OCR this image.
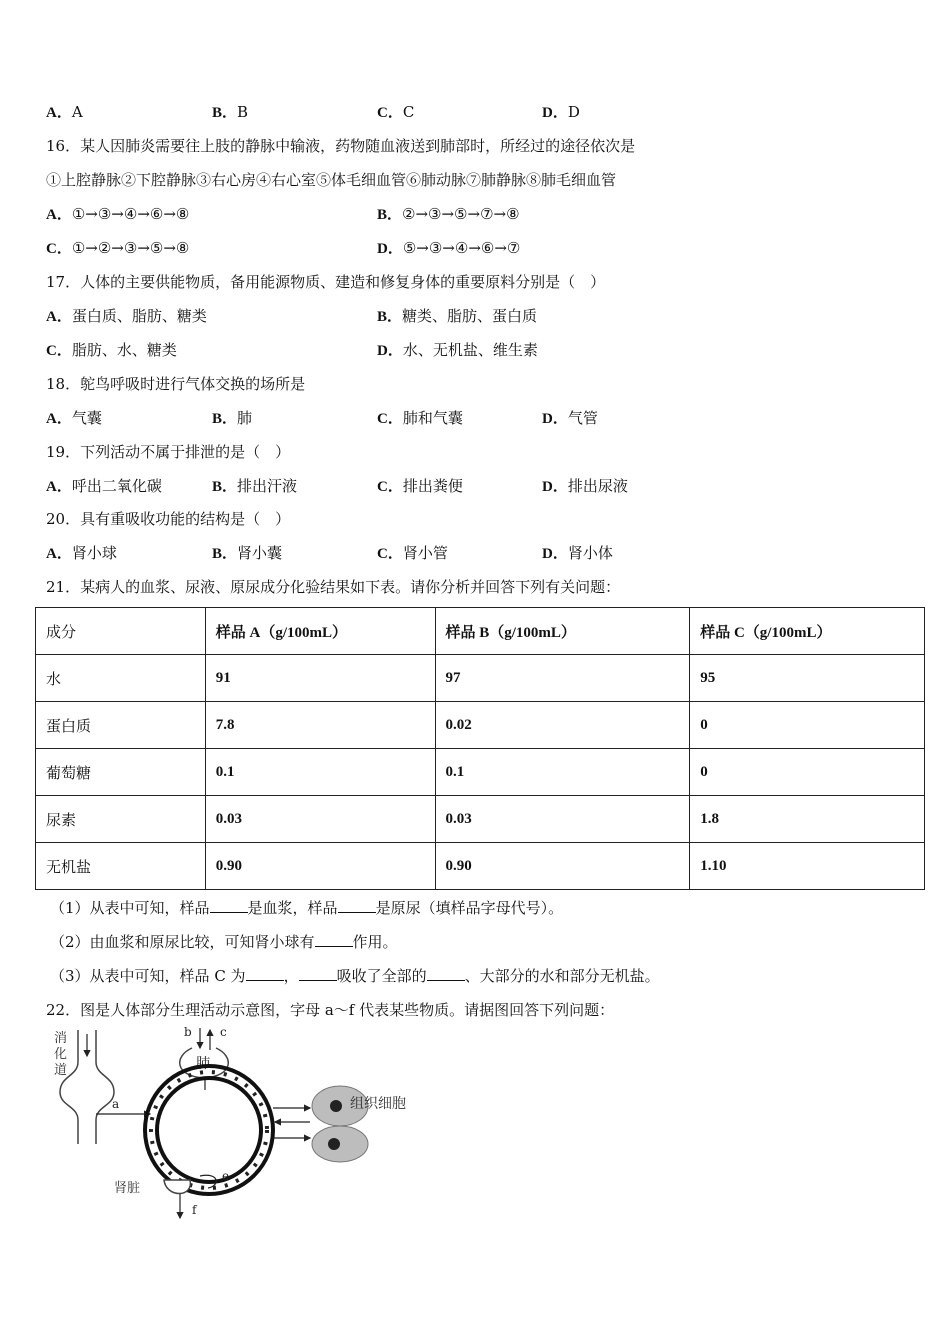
A．A	B．B	C．C	D．D
16．某人因肺炎需要往上肢的静脉中输液，药物随血液送到肺部时，所经过的途径依次是
①上腔静脉②下腔静脉③右心房④右心室⑤体毛细血管⑥肺动脉⑦肺静脉⑧肺毛细血管
A．①→③→④→⑥→⑧	B．②→③→⑤→⑦→⑧
C．①→②→③→⑤→⑧	D．⑤→③→④→⑥→⑦
17．人体的主要供能物质，备用能源物质、建造和修复身体的重要原料分别是（　）
A．蛋白质、脂肪、糖类	B．糖类、脂肪、蛋白质
C．脂肪、水、糖类	D．水、无机盐、维生素
18．鸵鸟呼吸时进行气体交换的场所是
A．气囊	B．肺	C．肺和气囊	D．气管
19．下列活动不属于排泄的是（　）
A．呼出二氧化碳	B．排出汗液	C．排出粪便	D．排出尿液
20．具有重吸收功能的结构是（　）
A．肾小球	B．肾小囊	C．肾小管	D．肾小体
21．某病人的血浆、尿液、原尿成分化验结果如下表。请你分析并回答下列有关问题：
成分	样品 A（g/100mL）	样品 B（g/100mL）	样品 C（g/100mL）
水	91	97	95
蛋白质	7.8	0.02	0
葡萄糖	0.1	0.1	0
尿素	0.03	0.03	1.8
无机盐	0.90	0.90	1.10
（1）从表中可知，样品	是血浆，样品	是原尿（填样品字母代号）。
（2）由血浆和原尿比较，可知肾小球有	作用。
（3）从表中可知，样品 C 为	，	吸收了全部的	、大部分的水和部分无机盐。
22．图是人体部分生理活动示意图，字母 a～f 代表某些物质。请据图回答下列问题：
消
化
道
a
b c
肺
组织细胞
肾脏
f
e
